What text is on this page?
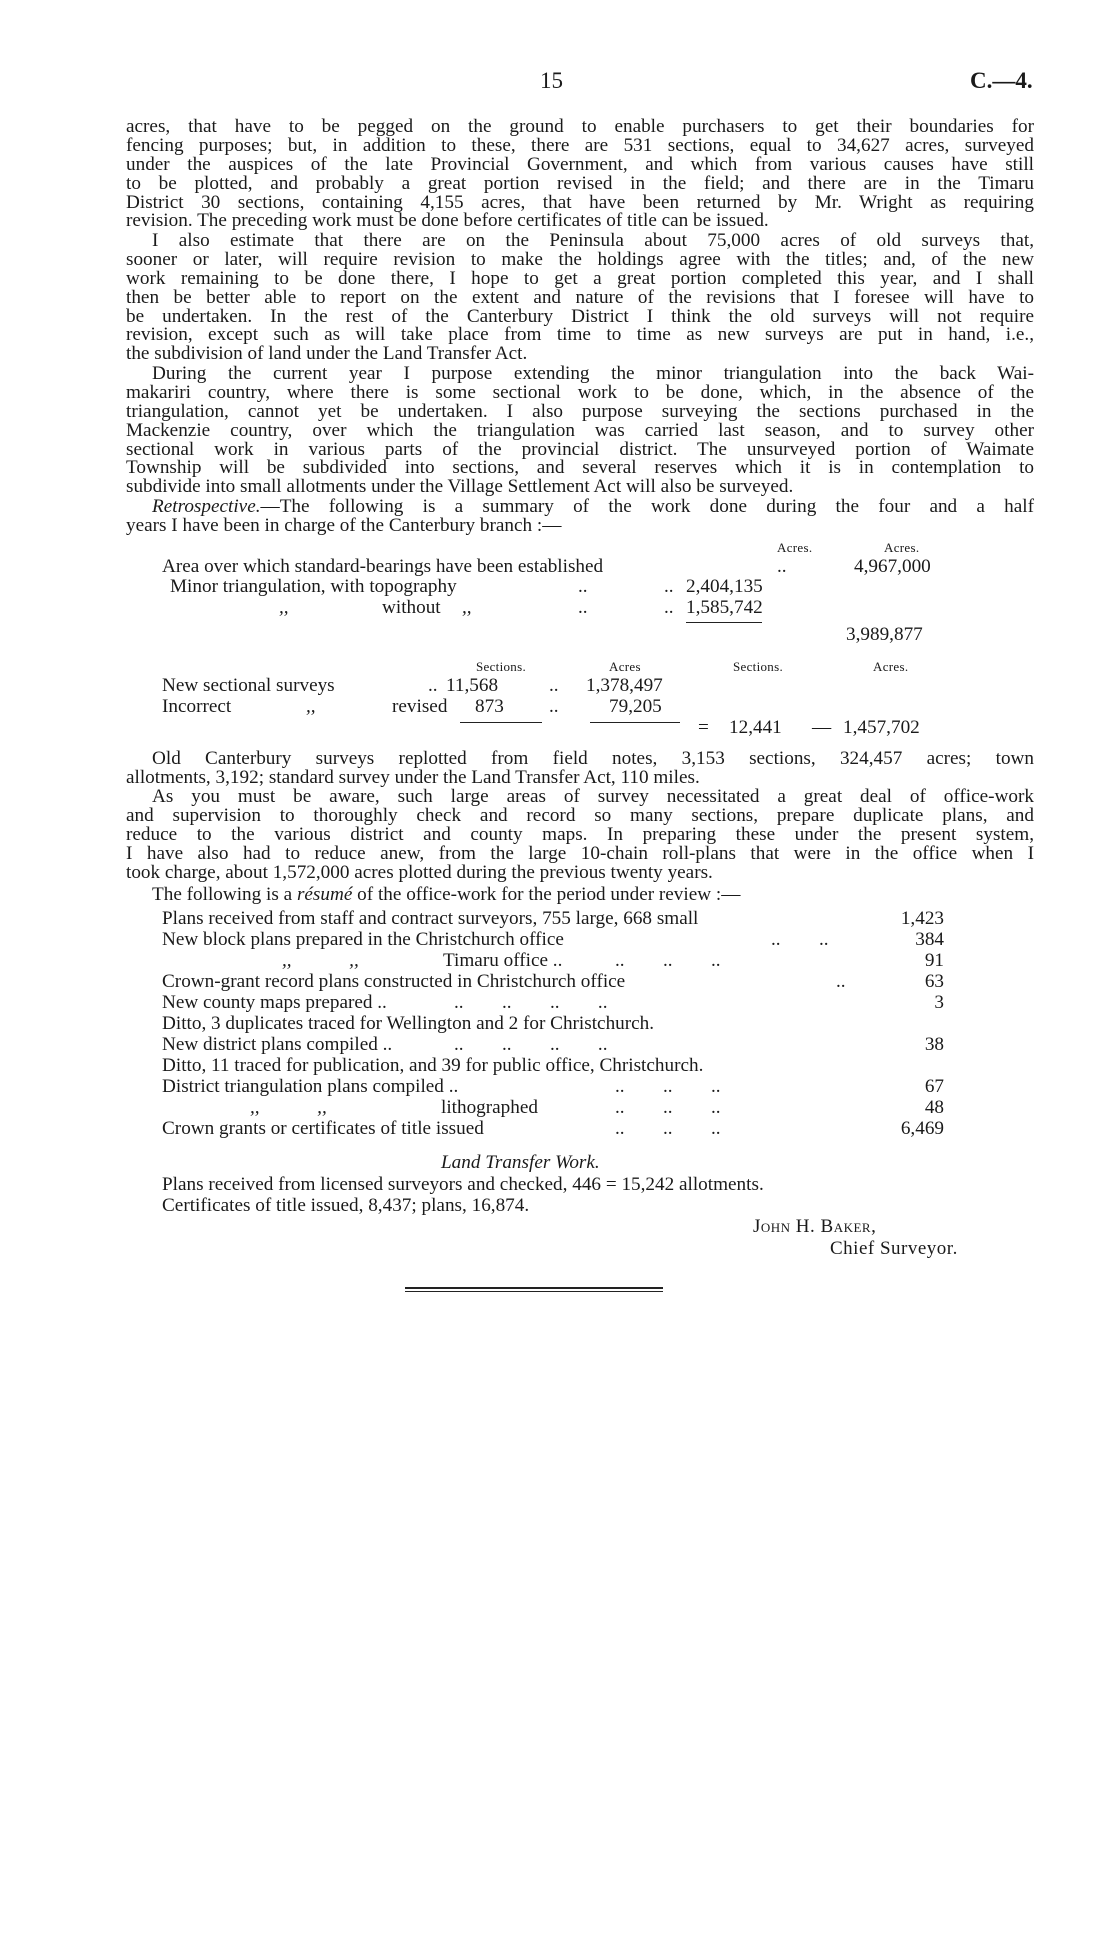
15	C.—4.
acres, that have to be pegged on the ground to enable purchasers to get their boundaries for
fencing purposes; but, in addition to these, there are 531 sections, equal to 34,627 acres, surveyed
under the auspices of the late Provincial Government, and which from various causes have still
to be plotted, and probably a great portion revised in the field; and there are in the Timaru
District 30 sections, containing 4,155 acres, that have been returned by Mr. Wright as requiring
revision. The preceding work must be done before certificates of title can be issued.
I also estimate that there are on the Peninsula about 75,000 acres of old surveys that,
sooner or later, will require revision to make the holdings agree with the titles; and, of the new
work remaining to be done there, I hope to get a great portion completed this year, and I shall
then be better able to report on the extent and nature of the revisions that I foresee will have to
be undertaken. In the rest of the Canterbury District I think the old surveys will not require
revision, except such as will take place from time to time as new surveys are put in hand, i.e.,
the subdivision of land under the Land Transfer Act.
During the current year I purpose extending the minor triangulation into the back Wai-
makariri country, where there is some sectional work to be done, which, in the absence of the
triangulation, cannot yet be undertaken. I also purpose surveying the sections purchased in the
Mackenzie country, over which the triangulation was carried last season, and to survey other
sectional work in various parts of the provincial district. The unsurveyed portion of Waimate
Township will be subdivided into sections, and several reserves which it is in contemplation to
subdivide into small allotments under the Village Settlement Act will also be surveyed.
Retrospective.—The following is a summary of the work done during the four and a half
years I have been in charge of the Canterbury branch :—
Acres.	Acres.
Area over which standard-bearings have been established	..	4,967,000
Minor triangulation, with topography	..	.. 2,404,135
,,	without ,,	..	.. 1,585,742
3,989,877
Sections.	Acres	Sections.	Acres.
New sectional surveys	.. 11,568	.. 1,378,497
Incorrect	,,	revised 873 ..	79,205
= 12,441 — 1,457,702
Old Canterbury surveys replotted from field notes, 3,153 sections, 324,457 acres; town
allotments, 3,192; standard survey under the Land Transfer Act, 110 miles.
As you must be aware, such large areas of survey necessitated a great deal of office-work
and supervision to thoroughly check and record so many sections, prepare duplicate plans, and
reduce to the various district and county maps. In preparing these under the present system,
I have also had to reduce anew, from the large 10-chain roll-plans that were in the office when I
took charge, about 1,572,000 acres plotted during the previous twenty years.
The following is a résumé of the office-work for the period under review :—
Plans received from staff and contract surveyors, 755 large, 668 small	1,423
New block plans prepared in the Christchurch office	..        ..	384
,,            ,,	Timaru office ..	..        ..        ..	91
Crown-grant record plans constructed in Christchurch office	..	63
New county maps prepared ..	..        ..        ..        ..	3
Ditto, 3 duplicates traced for Wellington and 2 for Christchurch.
New district plans compiled ..	..        ..        ..        ..	38
Ditto, 11 traced for publication, and 39 for public office, Christchurch.
District triangulation plans compiled ..	..        ..        ..	67
,,            ,,	lithographed	..        ..        ..	48
Crown grants or certificates of title issued	..        ..        ..	6,469
Land Transfer Work.
Plans received from licensed surveyors and checked, 446 = 15,242 allotments.
Certificates of title issued, 8,437; plans, 16,874.
John H. Baker,
Chief Surveyor.
